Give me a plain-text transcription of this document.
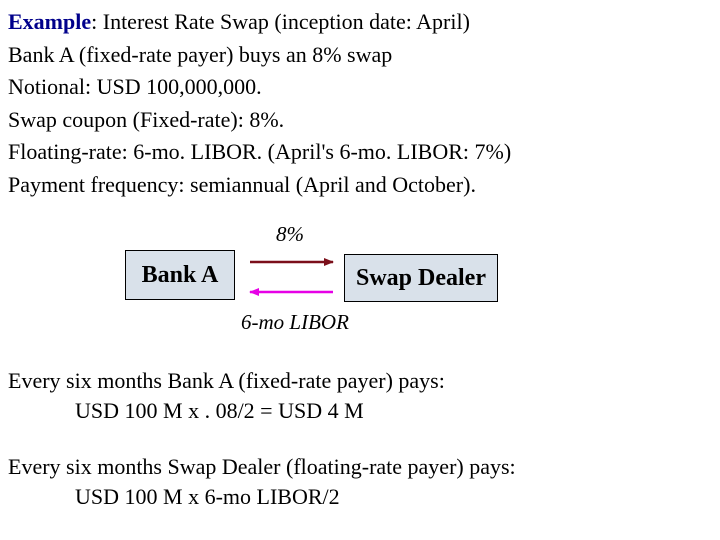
Example: Interest Rate Swap (inception date: April)
Bank A (fixed-rate payer) buys an 8% swap
Notional: USD 100,000,000.
Swap coupon (Fixed-rate): 8%.
Floating-rate: 6-mo. LIBOR. (April's 6-mo. LIBOR: 7%)
Payment frequency: semiannual (April and October).
8%
Bank A	Swap Dealer
6-mo LIBOR
Every six months Bank A (fixed-rate payer) pays:
USD 100 M x . 08/2 = USD 4 M
Every six months Swap Dealer (floating-rate payer) pays:
USD 100 M x 6-mo LIBOR/2
